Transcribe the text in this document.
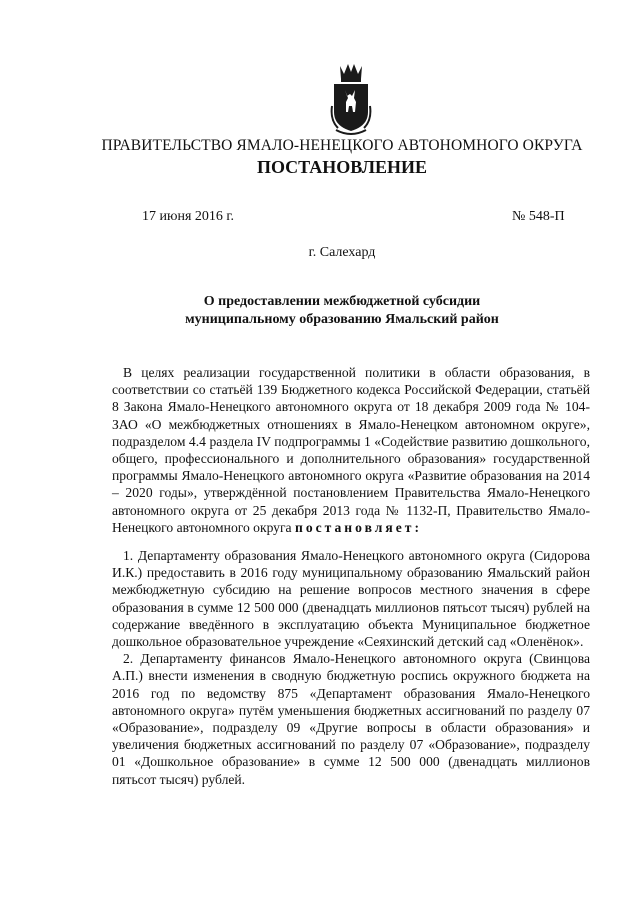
ПРАВИТЕЛЬСТВО ЯМАЛО-НЕНЕЦКОГО АВТОНОМНОГО ОКРУГА
ПОСТАНОВЛЕНИЕ
17 июня 2016 г.	№ 548-П
г. Салехард
О предоставлении межбюджетной субсидии
муниципальному образованию Ямальский район

В целях реализации государственной политики в области образования, в соответствии со статьёй 139 Бюджетного кодекса Российской Федерации, статьёй 8 Закона Ямало-Ненецкого автономного округа от 18 декабря 2009 года № 104-ЗАО «О межбюджетных отношениях в Ямало-Ненецком автономном округе», подразделом 4.4 раздела IV подпрограммы 1 «Содействие развитию дошкольного, общего, профессионального и дополнительного образования» государственной программы Ямало-Ненецкого автономного округа «Развитие образования на 2014 – 2020 годы», утверждённой постановлением Правительства Ямало-Ненецкого автономного округа от 25 декабря 2013 года № 1132-П, Правительство Ямало-Ненецкого автономного округа постановляет:

1. Департаменту образования Ямало-Ненецкого автономного округа (Сидорова И.К.) предоставить в 2016 году муниципальному образованию Ямальский район межбюджетную субсидию на решение вопросов местного значения в сфере образования в сумме 12 500 000 (двенадцать миллионов пятьсот тысяч) рублей на содержание введённого в эксплуатацию объекта Муниципальное бюджетное дошкольное образовательное учреждение «Сеяхинский детский сад «Оленёнок».

2. Департаменту финансов Ямало-Ненецкого автономного округа (Свинцова А.П.) внести изменения в сводную бюджетную роспись окружного бюджета на 2016 год по ведомству 875 «Департамент образования Ямало-Ненецкого автономного округа» путём уменьшения бюджетных ассигнований по разделу 07 «Образование», подразделу 09 «Другие вопросы в области образования» и увеличения бюджетных ассигнований по разделу 07 «Образование», подразделу 01 «Дошкольное образование» в сумме 12 500 000 (двенадцать миллионов пятьсот тысяч) рублей.
